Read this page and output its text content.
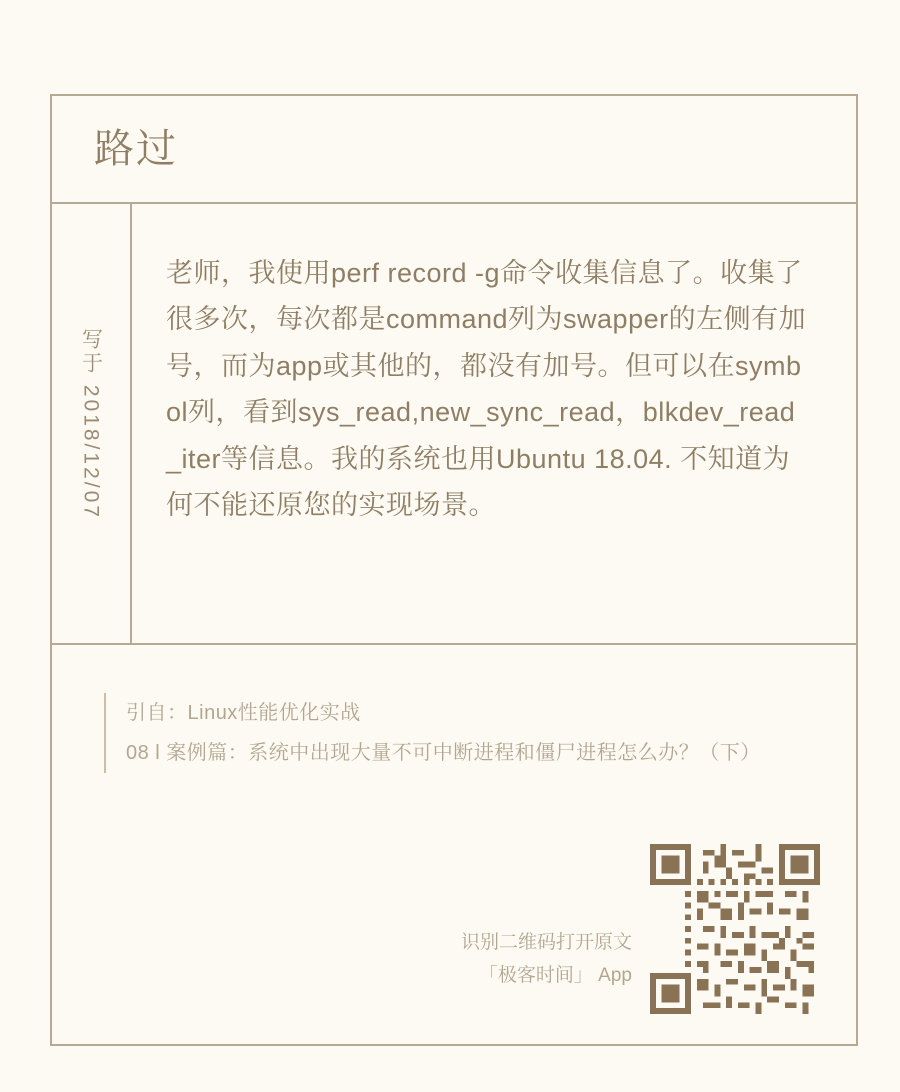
路过
写于 2018/12/07
老师，我使用perf record -g命令收集信息了。收集了很多次，每次都是command列为swapper的左侧有加号，而为app或其他的，都没有加号。但可以在symbol列，看到sys_read,new_sync_read，blkdev_read_iter等信息。我的系统也用Ubuntu 18.04. 不知道为何不能还原您的实现场景。
引自：Linux性能优化实战
08 l 案例篇：系统中出现大量不可中断进程和僵尸进程怎么办？（下）
识别二维码打开原文
「极客时间」 App
